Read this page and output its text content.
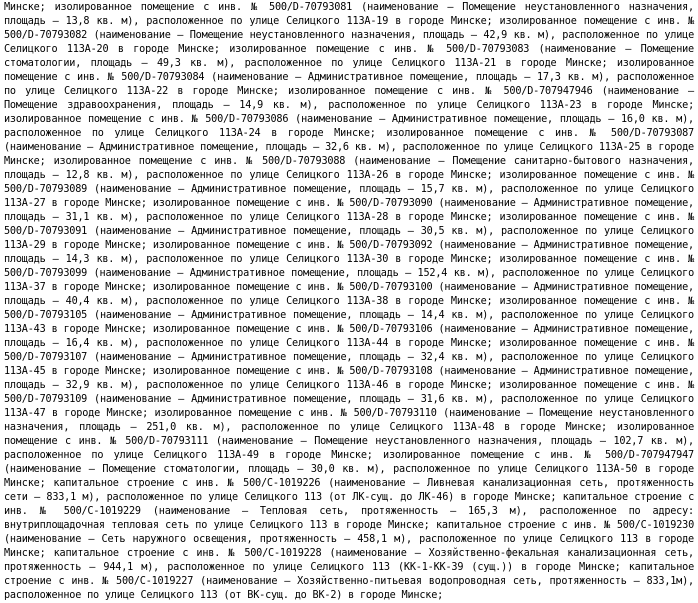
Минске; изолированное помещение с инв. № 500/D-70793081 (наименование – Помещение неустановленного назначения, площадь – 13,8 кв. м), расположенное по улице Селицкого 113А-19 в городе Минске; изолированное помещение с инв. № 500/D-70793082 (наименование – Помещение неустановленного назначения, площадь – 42,9 кв. м), расположенное по улице Селицкого 113А-20 в городе Минске; изолированное помещение с инв. № 500/D-70793083 (наименование – Помещение стоматологии, площадь – 49,3 кв. м), расположенное по улице Селицкого 113А-21 в городе Минске; изолированное помещение с инв. № 500/D-70793084 (наименование – Административное помещение, площадь – 17,3 кв. м), расположенное по улице Селицкого 113А-22 в городе Минске; изолированное помещение с инв. № 500/D-707947946 (наименование – Помещение здравоохранения, площадь – 14,9 кв. м), расположенное по улице Селицкого 113А-23 в городе Минске; изолированное помещение с инв. № 500/D-70793086 (наименование – Административное помещение, площадь – 16,0 кв. м), расположенное по улице Селицкого 113А-24 в городе Минске; изолированное помещение с инв. № 500/D-70793087 (наименование – Административное помещение, площадь – 32,6 кв. м), расположенное по улице Селицкого 113А-25 в городе Минске; изолированное помещение с инв. № 500/D-70793088 (наименование – Помещение санитарно-бытового назначения, площадь – 12,8 кв. м), расположенное по улице Селицкого 113А-26 в городе Минске; изолированное помещение с инв. № 500/D-70793089 (наименование – Административное помещение, площадь – 15,7 кв. м), расположенное по улице Селицкого 113А-27 в городе Минске; изолированное помещение с инв. № 500/D-70793090 (наименование – Административное помещение, площадь – 31,1 кв. м), расположенное по улице Селицкого 113А-28 в городе Минске; изолированное помещение с инв. № 500/D-70793091 (наименование – Административное помещение, площадь – 30,5 кв. м), расположенное по улице Селицкого 113А-29 в городе Минске; изолированное помещение с инв. № 500/D-70793092 (наименование – Административное помещение, площадь – 14,3 кв. м), расположенное по улице Селицкого 113А-30 в городе Минске; изолированное помещение с инв. № 500/D-70793099 (наименование – Административное помещение, площадь – 152,4 кв. м), расположенное по улице Селицкого 113А-37 в городе Минске; изолированное помещение с инв. № 500/D-70793100 (наименование – Административное помещение, площадь – 40,4 кв. м), расположенное по улице Селицкого 113А-38 в городе Минске; изолированное помещение с инв. № 500/D-70793105 (наименование – Административное помещение, площадь – 14,4 кв. м), расположенное по улице Селицкого 113А-43 в городе Минске; изолированное помещение с инв. № 500/D-70793106 (наименование – Административное помещение, площадь – 16,4 кв. м), расположенное по улице Селицкого 113А-44 в городе Минске; изолированное помещение с инв. № 500/D-70793107 (наименование – Административное помещение, площадь – 32,4 кв. м), расположенное по улице Селицкого 113А-45 в городе Минске; изолированное помещение с инв. № 500/D-70793108 (наименование – Административное помещение, площадь – 32,9 кв. м), расположенное по улице Селицкого 113А-46 в городе Минске; изолированное помещение с инв. № 500/D-70793109 (наименование – Административное помещение, площадь – 31,6 кв. м), расположенное по улице Селицкого 113А-47 в городе Минске; изолированное помещение с инв. № 500/D-70793110 (наименование – Помещение неустановленного назначения, площадь – 251,0 кв. м), расположенное по улице Селицкого 113А-48 в городе Минске; изолированное помещение с инв. № 500/D-70793111 (наименование – Помещение неустановленного назначения, площадь – 102,7 кв. м), расположенное по улице Селицкого 113А-49 в городе Минске; изолированное помещение с инв. № 500/D-707947947 (наименование – Помещение стоматологии, площадь – 30,0 кв. м), расположенное по улице Селицкого 113А-50 в городе Минске; капитальное строение с инв. № 500/C-1019226 (наименование – Ливневая канализационная сеть, протяженность сети – 833,1 м), расположенное по улице Селицкого 113 (от ЛК-сущ. до ЛК-46) в городе Минске; капитальное строение с инв. № 500/C-1019229 (наименование – Тепловая сеть, протяженность – 165,3 м), расположенное по адресу: внутриплощадочная тепловая сеть по улице Селицкого 113 в городе Минске; капитальное строение с инв. № 500/C-1019230 (наименование – Сеть наружного освещения, протяженность – 458,1 м), расположенное по улице Селицкого 113 в городе Минске; капитальное строение с инв. № 500/C-1019228 (наименование – Хозяйственно-фекальная канализационная сеть, протяженность – 944,1 м), расположенное по улице Селицкого 113 (КК-1-КК-39 (сущ.)) в городе Минске; капитальное строение с инв. № 500/C-1019227 (наименование – Хозяйственно-питьевая водопроводная сеть, протяженность – 833,1м), расположенное по улице Селицкого 113 (от ВК-сущ. до ВК-2) в городе Минске;
